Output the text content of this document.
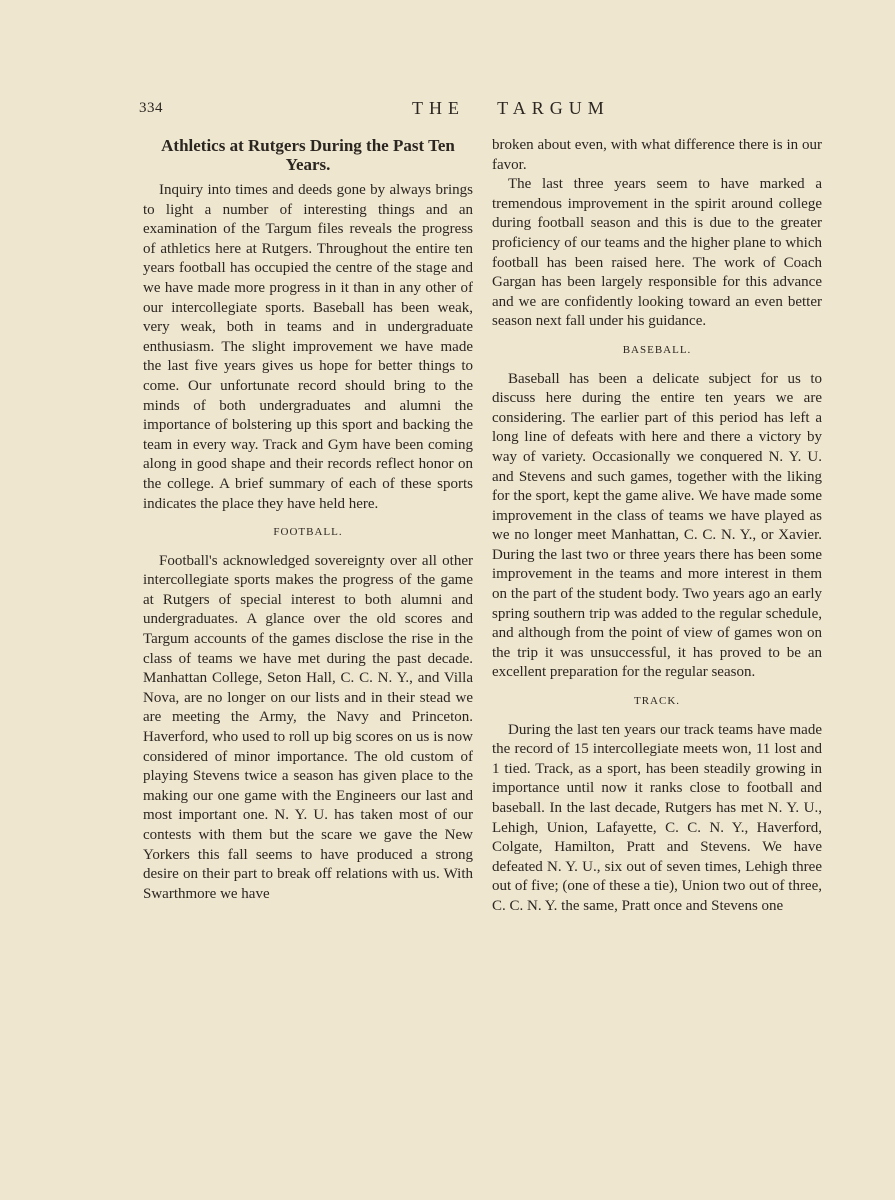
334	THE TARGUM
Athletics at Rutgers During the Past Ten Years.

Inquiry into times and deeds gone by always brings to light a number of interesting things and an examination of the Targum files reveals the progress of athletics here at Rutgers. Throughout the entire ten years football has occupied the centre of the stage and we have made more progress in it than in any other of our intercollegiate sports. Baseball has been weak, very weak, both in teams and in undergraduate enthusiasm. The slight improvement we have made the last five years gives us hope for better things to come. Our unfortunate record should bring to the minds of both undergraduates and alumni the importance of bolstering up this sport and backing the team in every way. Track and Gym have been coming along in good shape and their records reflect honor on the college. A brief summary of each of these sports indicates the place they have held here.

FOOTBALL.

Football's acknowledged sovereignty over all other intercollegiate sports makes the progress of the game at Rutgers of special interest to both alumni and undergraduates. A glance over the old scores and Targum accounts of the games disclose the rise in the class of teams we have met during the past decade. Manhattan College, Seton Hall, C. C. N. Y., and Villa Nova, are no longer on our lists and in their stead we are meeting the Army, the Navy and Princeton. Haverford, who used to roll up big scores on us is now considered of minor importance. The old custom of playing Stevens twice a season has given place to the making our one game with the Engineers our last and most important one. N. Y. U. has taken most of our contests with them but the scare we gave the New Yorkers this fall seems to have produced a strong desire on their part to break off relations with us. With Swarthmore we have

broken about even, with what difference there is in our favor.

The last three years seem to have marked a tremendous improvement in the spirit around college during football season and this is due to the greater proficiency of our teams and the higher plane to which football has been raised here. The work of Coach Gargan has been largely responsible for this advance and we are confidently looking toward an even better season next fall under his guidance.

BASEBALL.

Baseball has been a delicate subject for us to discuss here during the entire ten years we are considering. The earlier part of this period has left a long line of defeats with here and there a victory by way of variety. Occasionally we conquered N. Y. U. and Stevens and such games, together with the liking for the sport, kept the game alive. We have made some improvement in the class of teams we have played as we no longer meet Manhattan, C. C. N. Y., or Xavier. During the last two or three years there has been some improvement in the teams and more interest in them on the part of the student body. Two years ago an early spring southern trip was added to the regular schedule, and although from the point of view of games won on the trip it was unsuccessful, it has proved to be an excellent preparation for the regular season.

TRACK.

During the last ten years our track teams have made the record of 15 intercollegiate meets won, 11 lost and 1 tied. Track, as a sport, has been steadily growing in importance until now it ranks close to football and baseball. In the last decade, Rutgers has met N. Y. U., Lehigh, Union, Lafayette, C. C. N. Y., Haverford, Colgate, Hamilton, Pratt and Stevens. We have defeated N. Y. U., six out of seven times, Lehigh three out of five; (one of these a tie), Union two out of three, C. C. N. Y. the same, Pratt once and Stevens one
